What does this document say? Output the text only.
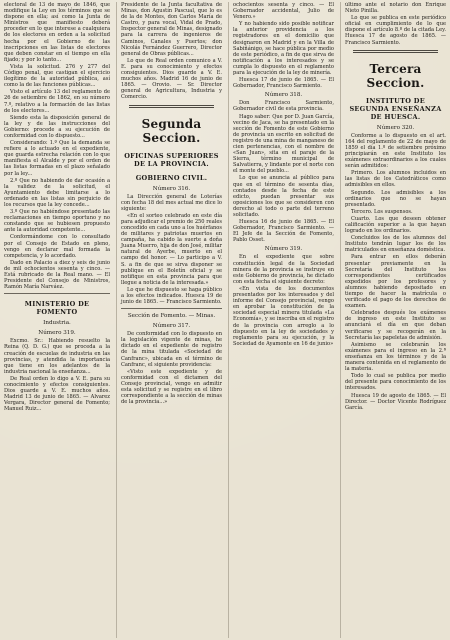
electoral de 13 de mayo de 1846, que modifique la Ley en los términos que se dispone en ella; así como la Junta de Ministros que manifiesto deberá proceder en lo que interese a cualquiera de los electores en orden a la solicitud hecha por el Gobierno de las inscripciones en las listas de electores que deben constar en el tiempo en ella fijado; y por lo tanto...

Vista la solicitud. 276 y 277 del Código penal, que castigan el ejercicio ilegítimo de la autoridad pública, así como la de las funciones públicas...

Visto el artículo 13 del reglamento de 26 de setiembre de 1862, en su número 7.º, relativo a la formación de las listas de los electores...

Siendo esta la disposición general de la ley y de las instrucciones del Gobierno: procede a su ejecución de conformidad con lo dispuesto...

Considerando: 1.º Que la demanda se refiere a lo actuado en el expediente, que guarda estrecha relación con lo que manifiesta el Alcalde y por el orden de las listas formadas en el plazo señalado por la ley...

2.º Que no habiendo de dar ocasión a la validez de la solicitud, el Ayuntamiento debe limitarse a lo ordenado en las listas sin perjuicio de los recursos que la ley concede...

3.º Que no habiéndose presentado las reclamaciones en tiempo oportuno y no constando que se hubiesen propuesto ante la autoridad competente...

Conformándome con lo consultado por el Consejo de Estado en pleno, vengo en declarar mal formada la competencia, y lo acordado.

Dado en Palacio a diez y seis de junio de mil ochocientos sesenta y cinco. — Está rubricado de la Real mano. — El Presidente del Consejo de Ministros, Ramón María Narváez.

MINISTERIO DE FOMENTO
Industria.
Número 319.

Excmo. Sr.: Habiendo resuelto la Reina (Q. D. G.) que se proceda a la creación de escuelas de industria en las provincias, y atendida la importancia que tiene en los adelantos de la industria nacional la enseñanza...

De Real orden lo digo a V. E. para su conocimiento y efectos consiguientes. Dios guarde a V. E. muchos años. Madrid 13 de junio de 1865. — Alvarez Vergara, Director general de Fomento; Manuel Ruiz...

Presidente de la Junta facultativa de Minas, don Agustín Pascual, que lo es de la de Montes, don Carlos María de Castro, y para vocal, Vidal de Prado, Inspector general de Minas, designado para la carrera de ingenieros de Caminos, Canales y Puertos; don Nicolás Fernández Guerrero, Director general de Obras públicas...

Lo que de Real orden comunico a V. E. para su conocimiento y efectos consiguientes. Dios guarde a V. E. muchos años. Madrid 16 de junio de 1865. — Orovio. — Sr. Director general de Agricultura, Industria y Comercio.

Segunda Seccion.
OFICINAS SUPERIORES DE LA PROVINCIA.
GOBIERNO CIVIL.
Número 316.

La Dirección general de Loterías con fecha 18 del mes actual me dice lo siguiente:

«En el sorteo celebrado en este día para adjudicar el premio de 250 reales concedido en cada uno a los huérfanos de militares y patriotas muertos en campaña, ha cabido la suerte a doña Juana Muerro, hija de don José, militar natural de Ayerbe, muerto en el campo del honor. — Lo participo a V. S. a fin de que se sirva disponer se publique en el Boletín oficial y se notifique en esta provincia para que llegue a noticia de la interesada.»

Lo que he dispuesto se haga público a los efectos indicados. Huesca 19 de junio de 1865. — Francisco Sarmiento.

Sección de Fomento. — Minas.
Número 317.

De conformidad con lo dispuesto en la legislación vigente de minas, he dictado en el expediente de registro de la mina titulada «Sociedad de Canfranc», ubicada en el término de Canfranc, el siguiente providencia:

«Visto este expediente y de conformidad con el dictamen del Consejo provincial, vengo en admitir esta solicitud y se registre en el libro correspondiente a la sección de minas de la provincia...»

ochocientos sesenta y cinco. — El Gobernador accidental, Julio de Venero.»

Y no habiendo sido posible notificar la anterior providencia a los registradores en el domicilio que designaron en Madrid y en la Villa de Sabiñánigo, se hace pública por medio de este periódico, a fin de que sirva de notificación a los interesados y se cumpla lo dispuesto en el reglamento para la ejecución de la ley de minería.

Huesca 17 de junio de 1865. — El Gobernador, Francisco Sarmiento.

Número 318.

Don Francisco Sarmiento, Gobernador civil de esta provincia.

Hago saber: Que por D. Juan García, vecino de Jaca, se ha presentado en la sección de Fomento de este Gobierno de provincia un escrito en solicitud de registro de una mina de manganeso de cien pertenencias, con el nombre de «San Juan», sita en el paraje de la Sierra, término municipal de Salvatierra, y lindante por el norte con el monte del pueblo...

Lo que se anuncia al público para que en el término de sesenta días, contados desde la fecha de este edicto, puedan presentar sus oposiciones los que se consideren con derecho al todo o parte del terreno solicitado.

Huesca 16 de junio de 1865. — El Gobernador, Francisco Sarmiento. — El Jefe de la Sección de Fomento, Pablo Osset.

Número 319.

En el expediente que sobre constitución legal de la Sociedad minera de la provincia se instruye en este Gobierno de provincia, he dictado con esta fecha el siguiente decreto:

«En vista de los documentos presentados por los interesados y del informe del Consejo provincial, vengo en aprobar la constitución de la sociedad especial minera titulada «La Economía», y se inscriba en el registro de la provincia con arreglo a lo dispuesto en la ley de sociedades y reglamento para su ejecución, y la Sociedad de Ayamonte en 16 de junio»

último ante el notario don Enrique Nieto Pinilla.

Lo que se publica en este periódico oficial en cumplimiento de lo que dispone el artículo 8.º de la citada Ley. Huesca 17 de agosto de 1865. — Francisco Sarmiento.

Tercera Seccion.
INSTITUTO DE SEGUNDA ENSEÑANZA DE HUESCA.
Número 320.

Conforme a lo dispuesto en el art. 164 del reglamento de 22 de mayo de 1859 el día 1.º de setiembre próximo principiarán en este Instituto los exámenes extraordinarios a los cuales serán admitidos:

Primero. Los alumnos incluidos en las listas de los Catedráticos como admisibles en ellos.

Segundo. Los admisibles a los ordinarios que no se hayan presentado.

Tercero. Los suspensos.

Cuarto. Los que deseen obtener calificación superior a la que hayan logrado en los ordinarios.

Concluidos los de los alumnos del Instituto tendrán lugar los de los matriculados en enseñanza doméstica.

Para entrar en ellos deberán presentar previamente en la Secretaría del Instituto los correspondientes certificados expedidos por los profesores y alumnos habiendo depositado en tiempo de hacer la matrícula o verificado el pago de los derechos de examen.

Celebrados después los exámenes de ingreso en este Instituto se anunciará el día en que deban verificarse y se recogerán en la Secretaría las papeletas de admisión.

Asimismo se celebrarán los exámenes para el ingreso en la 2.ª enseñanza en los términos y de la manera contenida en el reglamento de la materia.

Todo lo cual se publica por medio del presente para conocimiento de los interesados.

Huesca 19 de agosto de 1865. — El Director. — Doctor Vicente Rodríguez García.
